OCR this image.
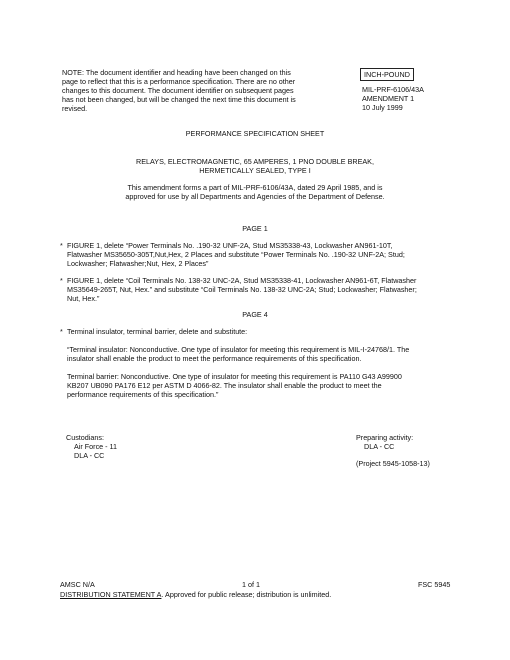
NOTE: The document identifier and heading have been changed on this
page to reflect that this is a performance specification. There are no other
changes to this document. The document identifier on subsequent pages
has not been changed, but will be changed the next time this document is
revised.
INCH-POUND
MIL-PRF-6106/43A
AMENDMENT 1
10 July 1999
PERFORMANCE SPECIFICATION SHEET
RELAYS, ELECTROMAGNETIC, 65 AMPERES, 1 PNO DOUBLE BREAK,
HERMETICALLY SEALED, TYPE I
This amendment forms a part of MIL-PRF-6106/43A, dated 29 April 1985, and is
approved for use by all Departments and Agencies of the Department of Defense.
PAGE 1
* FIGURE 1, delete “Power Terminals No. .190-32 UNF-2A, Stud MS35338-43, Lockwasher AN961-10T,
Flatwasher MS35650-305T,Nut,Hex, 2 Places and substitute “Power Terminals No. .190-32 UNF-2A; Stud;
Lockwasher; Flatwasher;Nut, Hex, 2 Places”
* FIGURE 1, delete “Coil Terminals No. 138-32 UNC-2A, Stud MS35338-41, Lockwasher AN961-6T, Flatwasher
MS35649-265T, Nut, Hex.” and substitute “Coil Terminals No. 138-32 UNC-2A; Stud; Lockwasher; Flatwasher;
Nut, Hex.”
PAGE 4
* Terminal insulator, terminal barrier, delete and substitute:
“Terminal insulator: Nonconductive. One type of insulator for meeting this requirement is MIL-I-24768/1. The
insulator shall enable the product to meet the performance requirements of this specification.
Terminal barrier: Nonconductive. One type of insulator for meeting this requirement is PA110 G43 A99900
KB207 UB090 PA176 E12 per ASTM D 4066-82. The insulator shall enable the product to meet the
performance requirements of this specification.”
Custodians:
Air Force - 11
DLA - CC
Preparing activity:
DLA - CC
(Project 5945-1058-13)
AMSC N/A	1 of 1	FSC 5945
DISTRIBUTION STATEMENT A. Approved for public release; distribution is unlimited.
